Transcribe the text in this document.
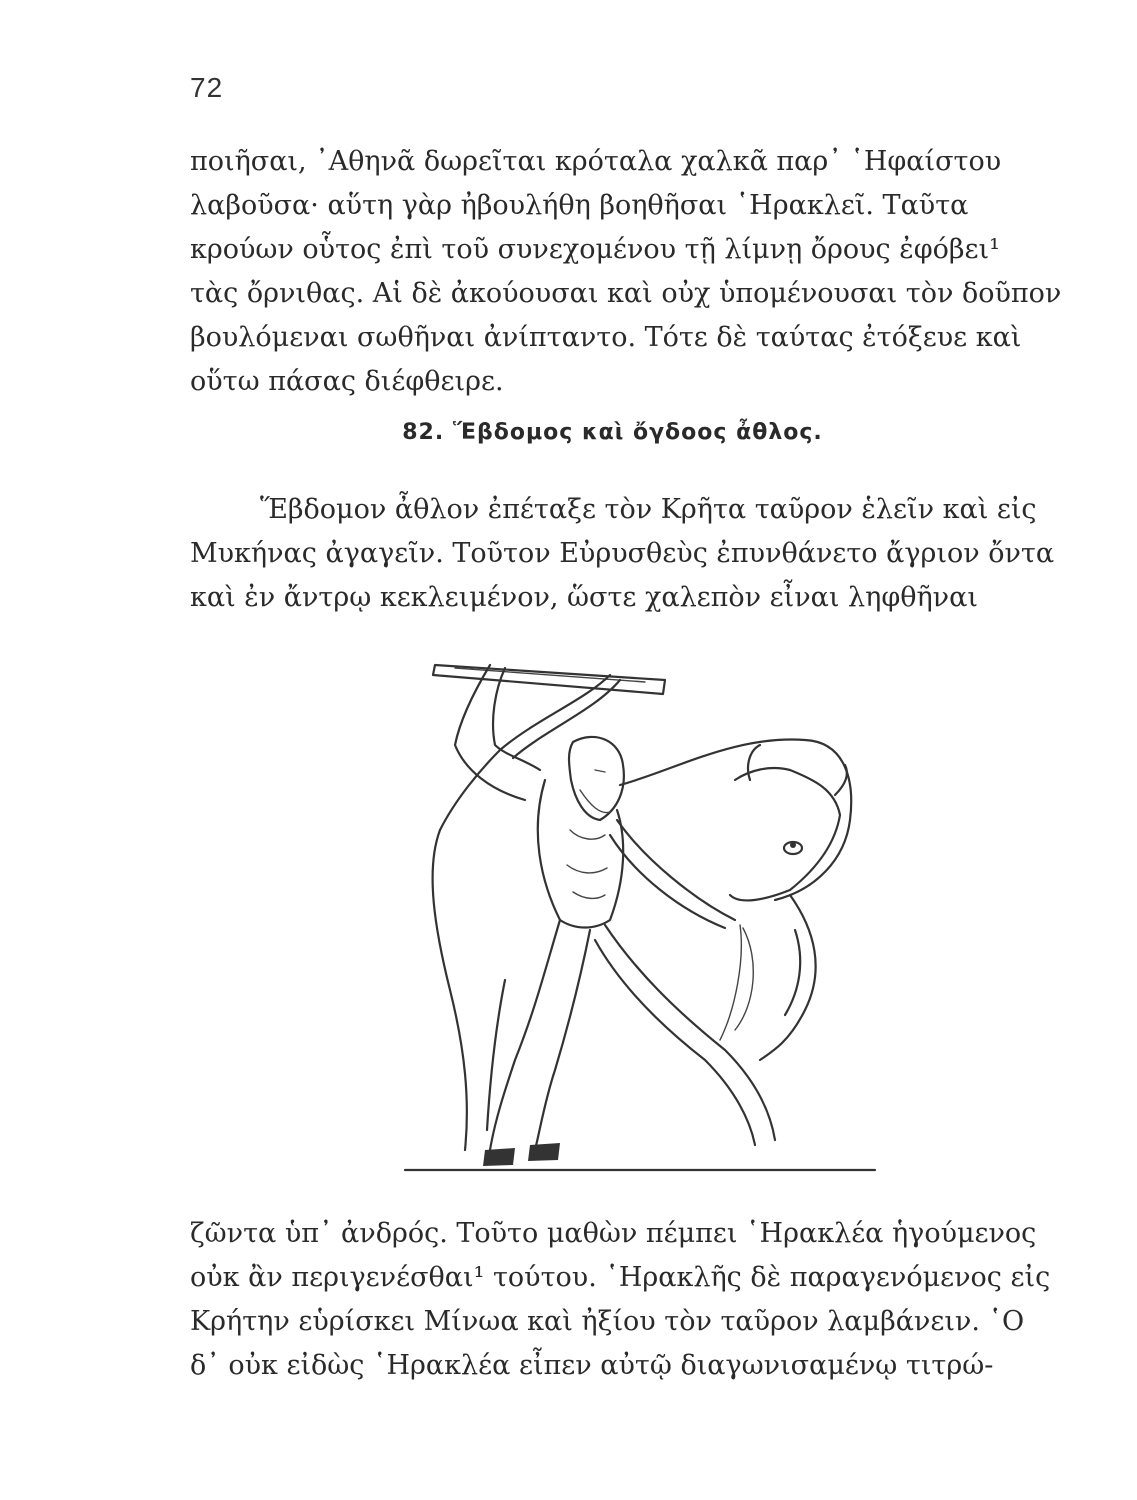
72
ποιῆσαι, ᾿Αθηνᾶ δωρεῖται κρόταλα χαλκᾶ παρ᾿ ῾Ηφαίστου
λαβοῦσα· αὕτη γὰρ ἠβουλήθη βοηθῆσαι ῾Ηρακλεῖ. Ταῦτα
κρούων οὗτος ἐπὶ τοῦ συνεχομένου τῇ λίμνῃ ὄρους ἐφόβει¹
τὰς ὄρνιθας. Αἱ δὲ ἀκούουσαι καὶ οὐχ ὑπομένουσαι τὸν δοῦπον
βουλόμεναι σωθῆναι ἀνίπταντο. Τότε δὲ ταύτας ἐτόξευε καὶ
οὕτω πάσας διέφθειρε.
82. Ἕβδομος καὶ ὄγδοος ἆθλος.
Ἕβδομον ἆθλον ἐπέταξε τὸν Κρῆτα ταῦρον ἑλεῖν καὶ εἰς
Μυκήνας ἀγαγεῖν. Τοῦτον Εὐρυσθεὺς ἐπυνθάνετο ἄγριον ὄντα
καὶ ἐν ἄντρῳ κεκλειμένον, ὥστε χαλεπὸν εἶναι ληφθῆναι
ζῶντα ὑπ᾿ ἀνδρός. Τοῦτο μαθὼν πέμπει ῾Ηρακλέα ἡγούμενος
οὐκ ἂν περιγενέσθαι¹ τούτου. ῾Ηρακλῆς δὲ παραγενόμενος εἰς
Κρήτην εὑρίσκει Μίνωα καὶ ἠξίου τὸν ταῦρον λαμβάνειν. ῾Ο
δ᾿ οὐκ εἰδὼς ῾Ηρακλέα εἶπεν αὐτῷ διαγωνισαμένῳ τιτρώ-
